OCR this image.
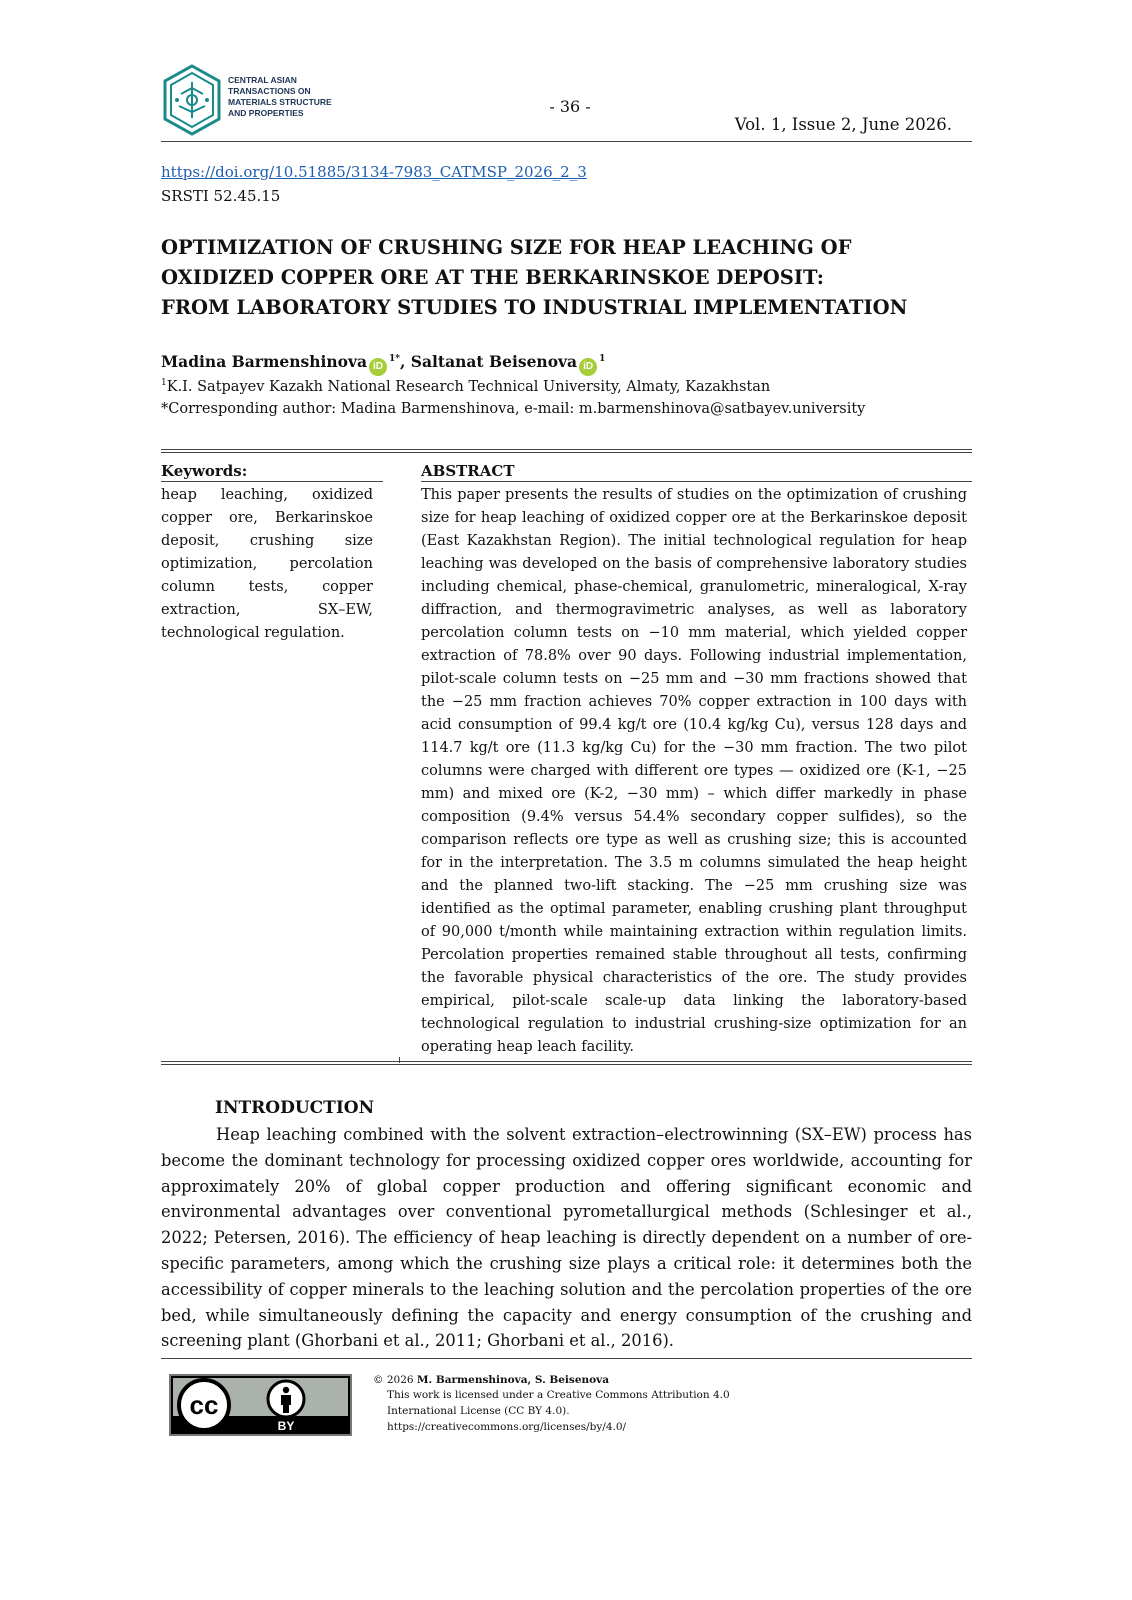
CENTRAL ASIAN
TRANSACTIONS ON
MATERIALS STRUCTURE
AND PROPERTIES	- 36 -
Vol. 1, Issue 2, June 2026.
https://doi.org/10.51885/3134-7983_CATMSP_2026_2_3
SRSTI 52.45.15
OPTIMIZATION OF CRUSHING SIZE FOR HEAP LEACHING OF
OXIDIZED COPPER ORE AT THE BERKARINSKOE DEPOSIT:
FROM LABORATORY STUDIES TO INDUSTRIAL IMPLEMENTATION
Madina Barmenshinova $iD^{1*}$, Saltanat Beisenova $iD^1$
$^1$K.I. Satpayev Kazakh National Research Technical University, Almaty, Kazakhstan
*Corresponding author: Madina Barmenshinova, e-mail: m.barmenshinova@satbayev.university
Keywords:
heap leaching, oxidized copper ore, Berkarinskoe deposit, crushing size optimization, percolation column tests, copper extraction, SX–EW, technological regulation.
ABSTRACT
This paper presents the results of studies on the optimization of crushing size for heap leaching of oxidized copper ore at the Berkarinskoe deposit (East Kazakhstan Region). The initial technological regulation for heap leaching was developed on the basis of comprehensive laboratory studies including chemical, phase-chemical, granulometric, mineralogical, X-ray diffraction, and thermogravimetric analyses, as well as laboratory percolation column tests on −10 mm material, which yielded copper extraction of 78.8% over 90 days. Following industrial implementation, pilot-scale column tests on −25 mm and −30 mm fractions showed that the −25 mm fraction achieves 70% copper extraction in 100 days with acid consumption of 99.4 kg/t ore (10.4 kg/kg Cu), versus 128 days and 114.7 kg/t ore (11.3 kg/kg Cu) for the −30 mm fraction. The two pilot columns were charged with different ore types — oxidized ore (K-1, −25 mm) and mixed ore (K-2, −30 mm) – which differ markedly in phase composition (9.4% versus 54.4% secondary copper sulfides), so the comparison reflects ore type as well as crushing size; this is accounted for in the interpretation. The 3.5 m columns simulated the heap height and the planned two-lift stacking. The −25 mm crushing size was identified as the optimal parameter, enabling crushing plant throughput of 90,000 t/month while maintaining extraction within regulation limits. Percolation properties remained stable throughout all tests, confirming the favorable physical characteristics of the ore. The study provides empirical, pilot-scale scale-up data linking the laboratory-based technological regulation to industrial crushing-size optimization for an operating heap leach facility.
INTRODUCTION
Heap leaching combined with the solvent extraction–electrowinning (SX–EW) process has become the dominant technology for processing oxidized copper ores worldwide, accounting for approximately 20% of global copper production and offering significant economic and environmental advantages over conventional pyrometallurgical methods (Schlesinger et al., 2022; Petersen, 2016). The efficiency of heap leaching is directly dependent on a number of ore-specific parameters, among which the crushing size plays a critical role: it determines both the accessibility of copper minerals to the leaching solution and the percolation properties of the ore bed, while simultaneously defining the capacity and energy consumption of the crushing and screening plant (Ghorbani et al., 2011; Ghorbani et al., 2016).
cc
BY
© 2026 M. Barmenshinova, S. Beisenova
This work is licensed under a Creative Commons Attribution 4.0
International License (CC BY 4.0).
https://creativecommons.org/licenses/by/4.0/
